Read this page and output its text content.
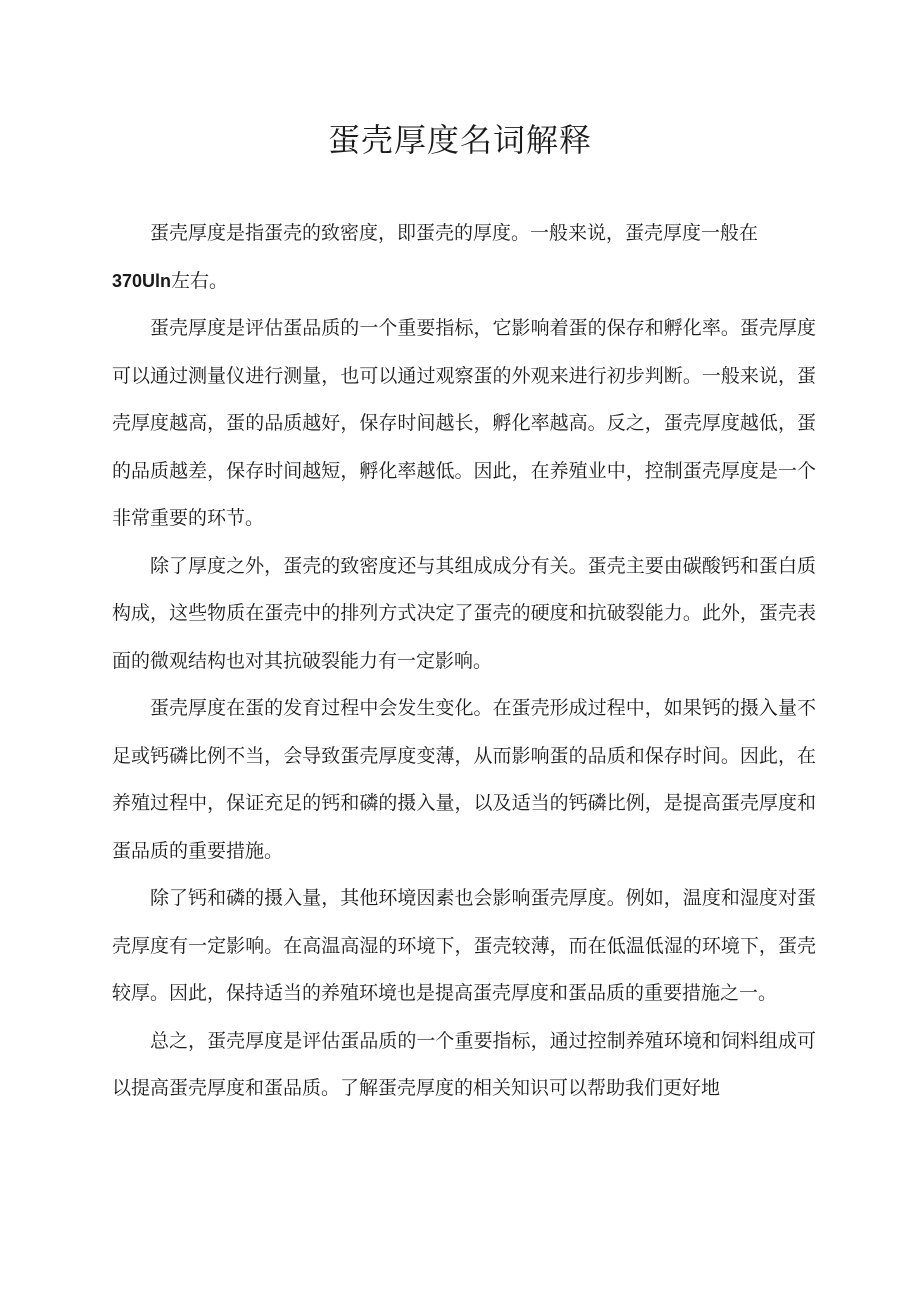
蛋壳厚度名词解释

蛋壳厚度是指蛋壳的致密度，即蛋壳的厚度。一般来说，蛋壳厚度一般在
370Uln左右。

蛋壳厚度是评估蛋品质的一个重要指标，它影响着蛋的保存和孵化率。蛋壳厚度可以通过测量仪进行测量，也可以通过观察蛋的外观来进行初步判断。一般来说，蛋壳厚度越高，蛋的品质越好，保存时间越长，孵化率越高。反之，蛋壳厚度越低，蛋的品质越差，保存时间越短，孵化率越低。因此，在养殖业中，控制蛋壳厚度是一个非常重要的环节。

除了厚度之外，蛋壳的致密度还与其组成成分有关。蛋壳主要由碳酸钙和蛋白质构成，这些物质在蛋壳中的排列方式决定了蛋壳的硬度和抗破裂能力。此外，蛋壳表面的微观结构也对其抗破裂能力有一定影响。

蛋壳厚度在蛋的发育过程中会发生变化。在蛋壳形成过程中，如果钙的摄入量不足或钙磷比例不当，会导致蛋壳厚度变薄，从而影响蛋的品质和保存时间。因此，在养殖过程中，保证充足的钙和磷的摄入量，以及适当的钙磷比例，是提高蛋壳厚度和蛋品质的重要措施。

除了钙和磷的摄入量，其他环境因素也会影响蛋壳厚度。例如，温度和湿度对蛋壳厚度有一定影响。在高温高湿的环境下，蛋壳较薄，而在低温低湿的环境下，蛋壳较厚。因此，保持适当的养殖环境也是提高蛋壳厚度和蛋品质的重要措施之一。

总之，蛋壳厚度是评估蛋品质的一个重要指标，通过控制养殖环境和饲料组成可以提高蛋壳厚度和蛋品质。了解蛋壳厚度的相关知识可以帮助我们更好地
